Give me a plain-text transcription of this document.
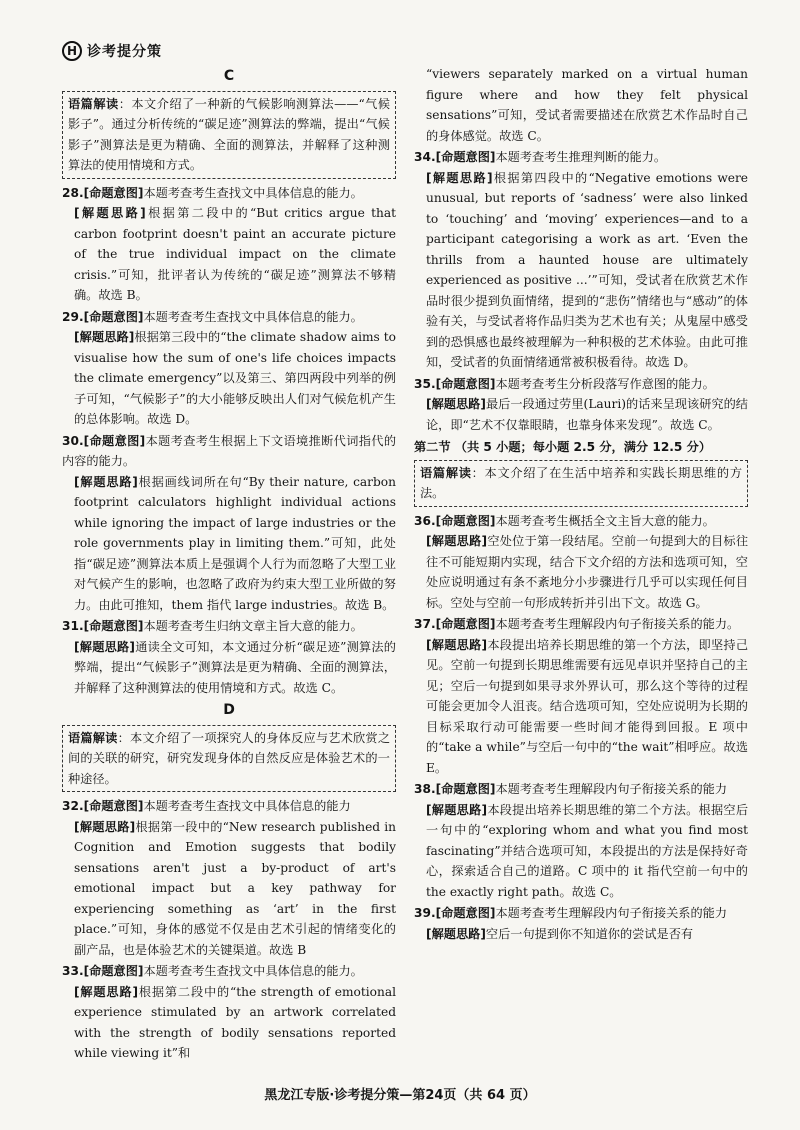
H 诊考提分策
C

语篇解读：本文介绍了一种新的气候影响测算法——“气候影子”。通过分析传统的“碳足迹”测算法的弊端，提出“气候影子”测算法是更为精确、全面的测算法，并解释了这种测算法的使用情境和方式。

28.[命题意图]本题考查考生查找文中具体信息的能力。

[解题思路]根据第二段中的“But critics argue that carbon footprint doesn't paint an accurate picture of the true individual impact on the climate crisis.”可知，批评者认为传统的“碳足迹”测算法不够精确。故选 B。

29.[命题意图]本题考查考生查找文中具体信息的能力。

[解题思路]根据第三段中的“the climate shadow aims to visualise how the sum of one's life choices impacts the climate emergency”以及第三、第四两段中列举的例子可知，“气候影子”的大小能够反映出人们对气候危机产生的总体影响。故选 D。

30.[命题意图]本题考查考生根据上下文语境推断代词指代的内容的能力。

[解题思路]根据画线词所在句“By their nature, carbon footprint calculators highlight individual actions while ignoring the impact of large industries or the role governments play in limiting them.”可知，此处指“碳足迹”测算法本质上是强调个人行为而忽略了大型工业对气候产生的影响，也忽略了政府为约束大型工业所做的努力。由此可推知，them 指代 large industries。故选 B。

31.[命题意图]本题考查考生归纳文章主旨大意的能力。

[解题思路]通读全文可知，本文通过分析“碳足迹”测算法的弊端，提出“气候影子”测算法是更为精确、全面的测算法，并解释了这种测算法的使用情境和方式。故选 C。

D

语篇解读：本文介绍了一项探究人的身体反应与艺术欣赏之间的关联的研究，研究发现身体的自然反应是体验艺术的一种途径。

32.[命题意图]本题考查考生查找文中具体信息的能力

[解题思路]根据第一段中的“New research published in Cognition and Emotion suggests that bodily sensations aren't just a by-product of art's emotional impact but a key pathway for experiencing something as ‘art’ in the first place.”可知，身体的感觉不仅是由艺术引起的情绪变化的副产品，也是体验艺术的关键渠道。故选 B

33.[命题意图]本题考查考生查找文中具体信息的能力。

[解题思路]根据第二段中的“the strength of emotional experience stimulated by an artwork correlated with the strength of bodily sensations reported while viewing it”和

“viewers separately marked on a virtual human figure where and how they felt physical sensations”可知，受试者需要描述在欣赏艺术作品时自己的身体感觉。故选 C。

34.[命题意图]本题考查考生推理判断的能力。

[解题思路]根据第四段中的“Negative emotions were unusual, but reports of ‘sadness’ were also linked to ‘touching’ and ‘moving’ experiences—and to a participant categorising a work as art. ‘Even the thrills from a haunted house are ultimately experienced as positive ...’”可知，受试者在欣赏艺术作品时很少提到负面情绪，提到的“悲伤”情绪也与“感动”的体验有关，与受试者将作品归类为艺术也有关；从鬼屋中感受到的恐惧感也最终被理解为一种积极的艺术体验。由此可推知，受试者的负面情绪通常被积极看待。故选 D。

35.[命题意图]本题考查考生分析段落写作意图的能力。

[解题思路]最后一段通过劳里(Lauri)的话来呈现该研究的结论，即“艺术不仅靠眼睛，也靠身体来发现”。故选 C。

第二节 （共 5 小题；每小题 2.5 分，满分 12.5 分）

语篇解读：本文介绍了在生活中培养和实践长期思维的方法。

36.[命题意图]本题考查考生概括全文主旨大意的能力。

[解题思路]空处位于第一段结尾。空前一句提到大的目标往往不可能短期内实现，结合下文介绍的方法和选项可知，空处应说明通过有条不紊地分小步骤进行几乎可以实现任何目标。空处与空前一句形成转折并引出下文。故选 G。

37.[命题意图]本题考查考生理解段内句子衔接关系的能力。

[解题思路]本段提出培养长期思维的第一个方法，即坚持己见。空前一句提到长期思维需要有远见卓识并坚持自己的主见；空后一句提到如果寻求外界认可，那么这个等待的过程可能会更加令人沮丧。结合选项可知，空处应说明为长期的目标采取行动可能需要一些时间才能得到回报。E 项中的“take a while”与空后一句中的“the wait”相呼应。故选 E。

38.[命题意图]本题考查考生理解段内句子衔接关系的能力

[解题思路]本段提出培养长期思维的第二个方法。根据空后一句中的“exploring whom and what you find most fascinating”并结合选项可知，本段提出的方法是保持好奇心，探索适合自己的道路。C 项中的 it 指代空前一句中的 the exactly right path。故选 C。

39.[命题意图]本题考查考生理解段内句子衔接关系的能力

[解题思路]空后一句提到你不知道你的尝试是否有

黑龙江专版·诊考提分策—第24页（共 64 页）
